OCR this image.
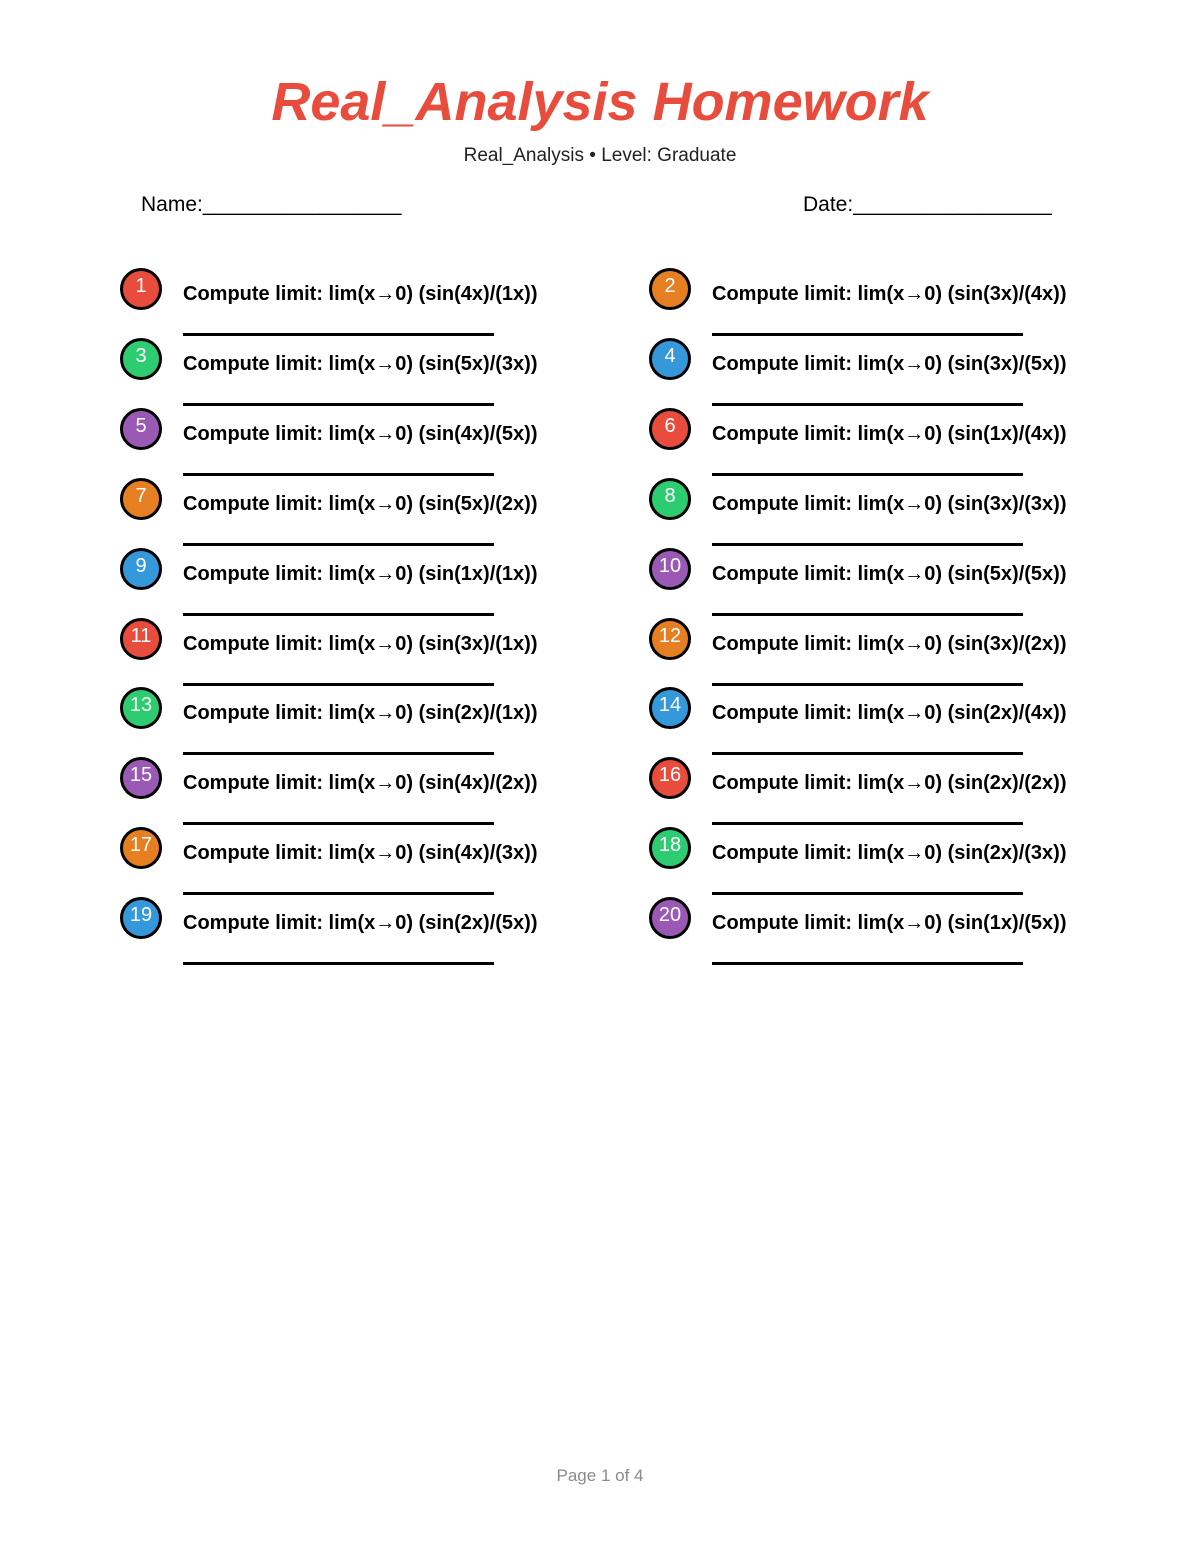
Real_Analysis Homework
Real_Analysis • Level: Graduate
Name:_________________	Date:_________________
1	Compute limit: lim(x→0) (sin(4x)/(1x))	2	Compute limit: lim(x→0) (sin(3x)/(4x))
3	Compute limit: lim(x→0) (sin(5x)/(3x))	4	Compute limit: lim(x→0) (sin(3x)/(5x))
5	Compute limit: lim(x→0) (sin(4x)/(5x))	6	Compute limit: lim(x→0) (sin(1x)/(4x))
7	Compute limit: lim(x→0) (sin(5x)/(2x))	8	Compute limit: lim(x→0) (sin(3x)/(3x))
9	Compute limit: lim(x→0) (sin(1x)/(1x))	10	Compute limit: lim(x→0) (sin(5x)/(5x))
11	Compute limit: lim(x→0) (sin(3x)/(1x))	12	Compute limit: lim(x→0) (sin(3x)/(2x))
13	Compute limit: lim(x→0) (sin(2x)/(1x))	14	Compute limit: lim(x→0) (sin(2x)/(4x))
15	Compute limit: lim(x→0) (sin(4x)/(2x))	16	Compute limit: lim(x→0) (sin(2x)/(2x))
17	Compute limit: lim(x→0) (sin(4x)/(3x))	18	Compute limit: lim(x→0) (sin(2x)/(3x))
19	Compute limit: lim(x→0) (sin(2x)/(5x))	20	Compute limit: lim(x→0) (sin(1x)/(5x))
Page 1 of 4
